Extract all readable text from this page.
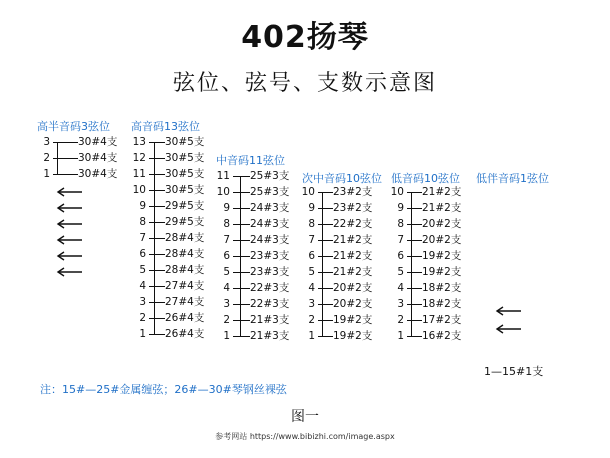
402扬琴
弦位、弦号、支数示意图
高半音码3弦位 高音码13弦位
中音码11弦位
次中音码10弦位 低音码10弦位 低伴音码1弦位
3	30#4支
2	30#4支
1	30#4支
13 30#5支
12 30#5支
11 30#5支
10 30#5支
9 29#5支
8 29#5支
7 28#4支
6 28#4支
5 28#4支
4 27#4支
3 27#4支
2 26#4支
1 26#4支
11 25#3支
10 25#3支
9 24#3支
8 24#3支
7 24#3支
6 23#3支
5 23#3支
4 22#3支
3 22#3支
2 21#3支
1 21#3支
10 23#2支
9 23#2支
8 22#2支
7 21#2支
6 21#2支
5 21#2支
4 20#2支
3 20#2支
2 19#2支
1 19#2支
10 21#2支
9 21#2支
8 20#2支
7 20#2支
6 19#2支
5 19#2支
4 18#2支
3 18#2支
2 17#2支
1 16#2支
1—15#1支
注：15#—25#金属缠弦；26#—30#琴钢丝裸弦
图一
参考网站 https://www.bibizhi.com/image.aspx
